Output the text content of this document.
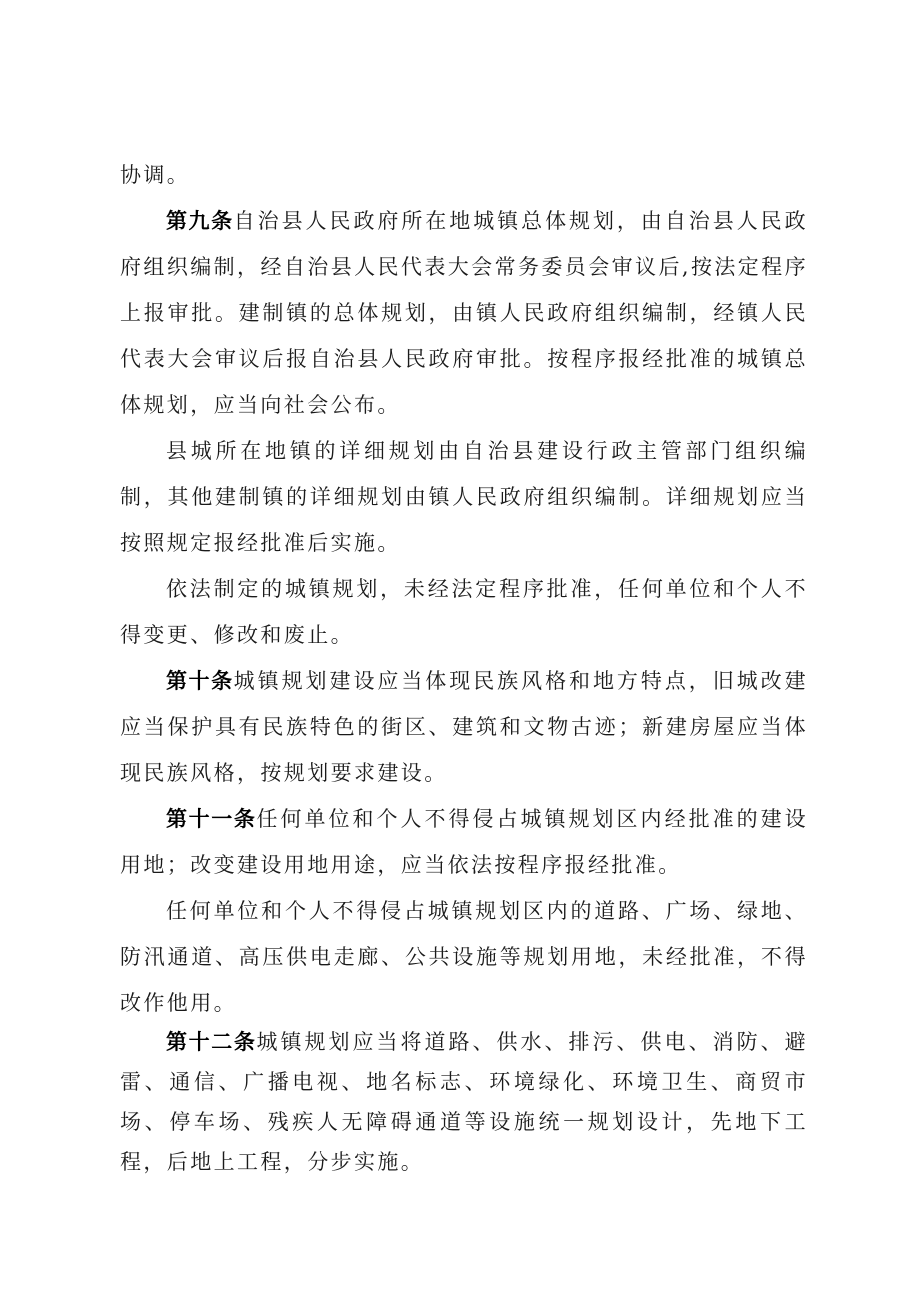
协调。

第九条自治县人民政府所在地城镇总体规划，由自治县人民政府组织编制，经自治县人民代表大会常务委员会审议后,按法定程序上报审批。建制镇的总体规划，由镇人民政府组织编制，经镇人民代表大会审议后报自治县人民政府审批。按程序报经批准的城镇总体规划，应当向社会公布。

县城所在地镇的详细规划由自治县建设行政主管部门组织编制，其他建制镇的详细规划由镇人民政府组织编制。详细规划应当按照规定报经批准后实施。

依法制定的城镇规划，未经法定程序批准，任何单位和个人不得变更、修改和废止。

第十条城镇规划建设应当体现民族风格和地方特点，旧城改建应当保护具有民族特色的街区、建筑和文物古迹；新建房屋应当体现民族风格，按规划要求建设。

第十一条任何单位和个人不得侵占城镇规划区内经批准的建设用地；改变建设用地用途，应当依法按程序报经批准。

任何单位和个人不得侵占城镇规划区内的道路、广场、绿地、防汛通道、高压供电走廊、公共设施等规划用地，未经批准，不得改作他用。

第十二条城镇规划应当将道路、供水、排污、供电、消防、避雷、通信、广播电视、地名标志、环境绿化、环境卫生、商贸市场、停车场、残疾人无障碍通道等设施统一规划设计，先地下工程，后地上工程，分步实施。
